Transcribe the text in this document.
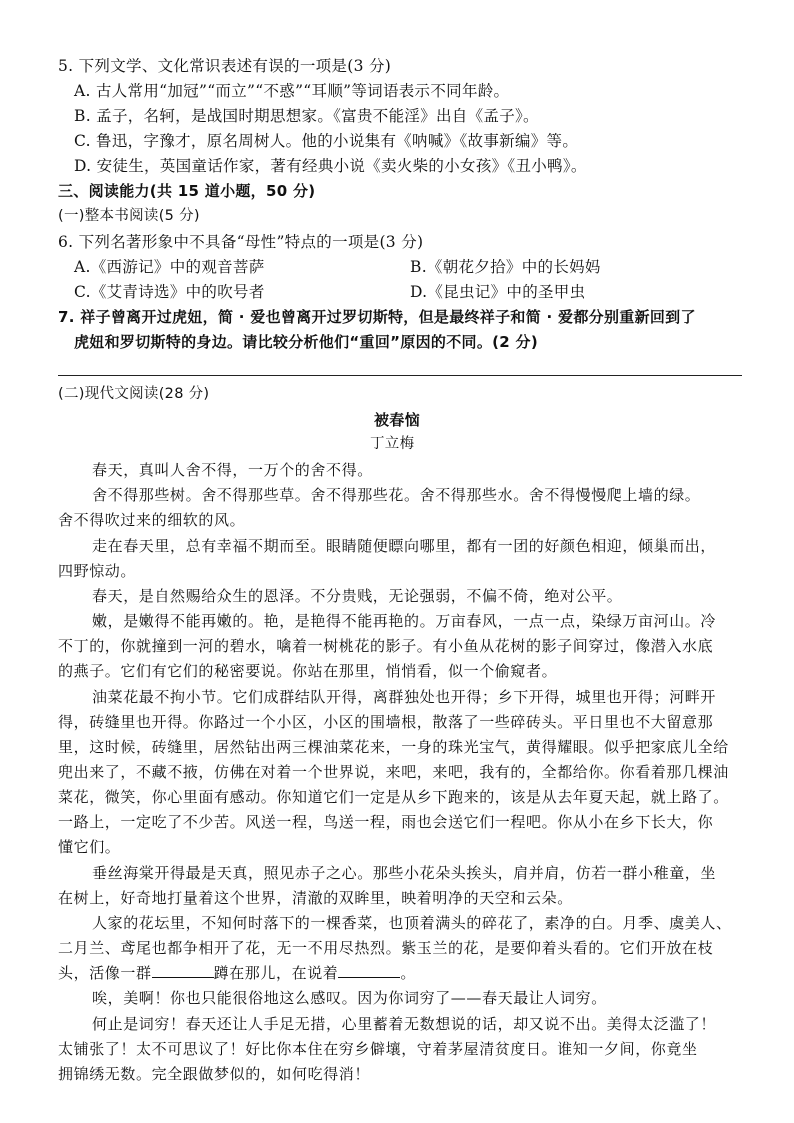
5. 下列文学、文化常识表述有误的一项是(3 分)
A. 古人常用“加冠”“而立”“不惑”“耳顺”等词语表示不同年龄。
B. 孟子，名轲，是战国时期思想家。《富贵不能淫》出自《孟子》。
C. 鲁迅，字豫才，原名周树人。他的小说集有《呐喊》《故事新编》等。
D. 安徒生，英国童话作家，著有经典小说《卖火柴的小女孩》《丑小鸭》。
三、阅读能力(共 15 道小题，50 分)
(一)整本书阅读(5 分)
6. 下列名著形象中不具备“母性”特点的一项是(3 分)
A.《西游记》中的观音菩萨	B.《朝花夕拾》中的长妈妈
C.《艾青诗选》中的吹号者	D.《昆虫记》中的圣甲虫
7. 祥子曾离开过虎妞，简 · 爱也曾离开过罗切斯特，但是最终祥子和简 · 爱都分别重新回到了
虎妞和罗切斯特的身边。请比较分析他们“重回”原因的不同。(2 分)
(二)现代文阅读(28 分)
被春恼
丁立梅
春天，真叫人舍不得，一万个的舍不得。
舍不得那些树。舍不得那些草。舍不得那些花。舍不得那些水。舍不得慢慢爬上墙的绿。
舍不得吹过来的细软的风。
走在春天里，总有幸福不期而至。眼睛随便瞟向哪里，都有一团的好颜色相迎，倾巢而出，
四野惊动。
春天，是自然赐给众生的恩泽。不分贵贱，无论强弱，不偏不倚，绝对公平。
嫩，是嫩得不能再嫩的。艳，是艳得不能再艳的。万亩春风，一点一点，染绿万亩河山。冷
不丁的，你就撞到一河的碧水，噙着一树桃花的影子。有小鱼从花树的影子间穿过，像潜入水底
的燕子。它们有它们的秘密要说。你站在那里，悄悄看，似一个偷窥者。
油菜花最不拘小节。它们成群结队开得，离群独处也开得；乡下开得，城里也开得；河畔开
得，砖缝里也开得。你路过一个小区，小区的围墙根，散落了一些碎砖头。平日里也不大留意那
里，这时候，砖缝里，居然钻出两三棵油菜花来，一身的珠光宝气，黄得耀眼。似乎把家底儿全给
兜出来了，不藏不掖，仿佛在对着一个世界说，来吧，来吧，我有的，全都给你。你看着那几棵油
菜花，微笑，你心里面有感动。你知道它们一定是从乡下跑来的，该是从去年夏天起，就上路了。
一路上，一定吃了不少苦。风送一程，鸟送一程，雨也会送它们一程吧。你从小在乡下长大，你
懂它们。
垂丝海棠开得最是天真，照见赤子之心。那些小花朵头挨头，肩并肩，仿若一群小稚童，坐
在树上，好奇地打量着这个世界，清澈的双眸里，映着明净的天空和云朵。
人家的花坛里，不知何时落下的一棵香菜，也顶着满头的碎花了，素净的白。月季、虞美人、
二月兰、鸢尾也都争相开了花，无一不用尽热烈。紫玉兰的花，是要仰着头看的。它们开放在枝
头，活像一群	蹲在那儿，在说着	。
唉，美啊！你也只能很俗地这么感叹。因为你词穷了——春天最让人词穷。
何止是词穷！春天还让人手足无措，心里蓄着无数想说的话，却又说不出。美得太泛滥了！
太铺张了！太不可思议了！好比你本住在穷乡僻壤，守着茅屋清贫度日。谁知一夕间，你竟坐
拥锦绣无数。完全跟做梦似的，如何吃得消！
